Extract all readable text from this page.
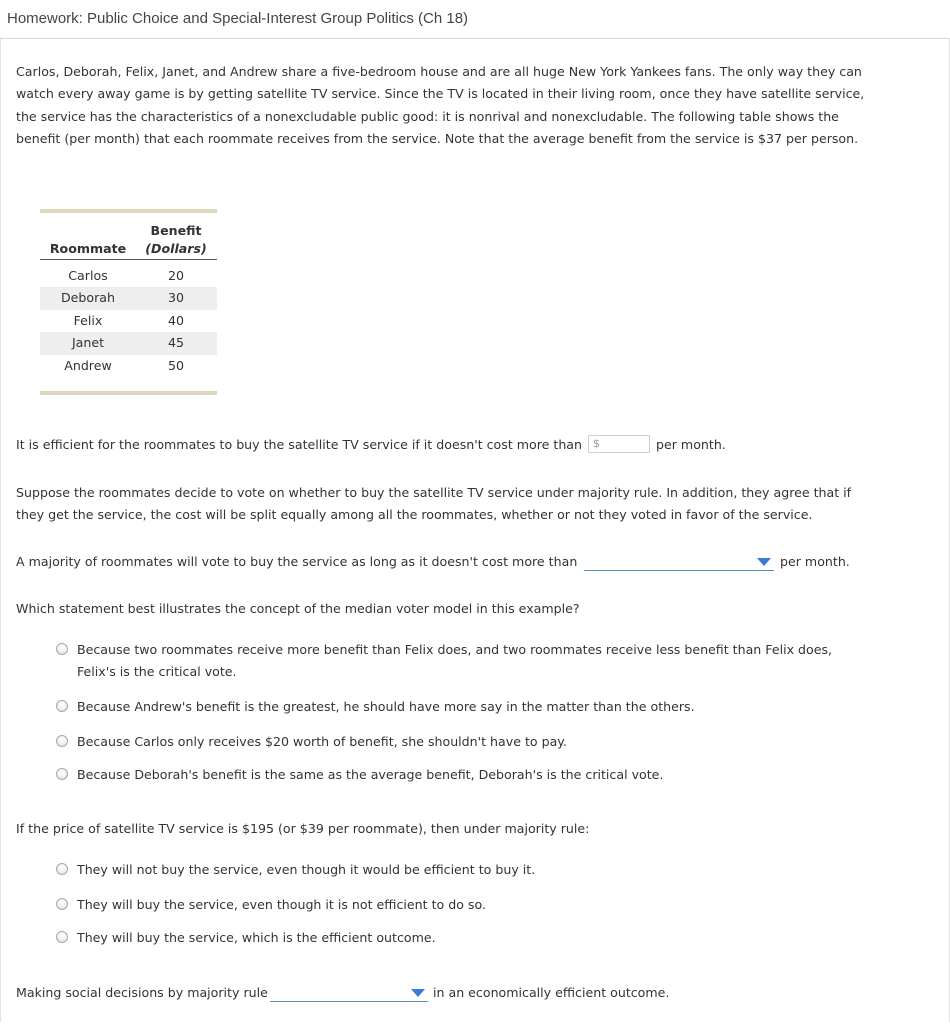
Homework: Public Choice and Special-Interest Group Politics (Ch 18)
Carlos, Deborah, Felix, Janet, and Andrew share a five-bedroom house and are all huge New York Yankees fans. The only way they can watch every away game is by getting satellite TV service. Since the TV is located in their living room, once they have satellite service, the service has the characteristics of a nonexcludable public good: it is nonrival and nonexcludable. The following table shows the benefit (per month) that each roommate receives from the service. Note that the average benefit from the service is $37 per person.
Benefit
Roommate	(Dollars)
Carlos	20
Deborah	30
Felix	40
Janet	45
Andrew	50
It is efficient for the roommates to buy the satellite TV service if it doesn't cost more than $	per month.
Suppose the roommates decide to vote on whether to buy the satellite TV service under majority rule. In addition, they agree that if they get the service, the cost will be split equally among all the roommates, whether or not they voted in favor of the service.
A majority of roommates will vote to buy the service as long as it doesn't cost more than	per month.
Which statement best illustrates the concept of the median voter model in this example?
Because two roommates receive more benefit than Felix does, and two roommates receive less benefit than Felix does, Felix's is the critical vote.
Because Andrew's benefit is the greatest, he should have more say in the matter than the others.
Because Carlos only receives $20 worth of benefit, she shouldn't have to pay.
Because Deborah's benefit is the same as the average benefit, Deborah's is the critical vote.
If the price of satellite TV service is $195 (or $39 per roommate), then under majority rule:
They will not buy the service, even though it would be efficient to buy it.
They will buy the service, even though it is not efficient to do so.
They will buy the service, which is the efficient outcome.
Making social decisions by majority rule	in an economically efficient outcome.
